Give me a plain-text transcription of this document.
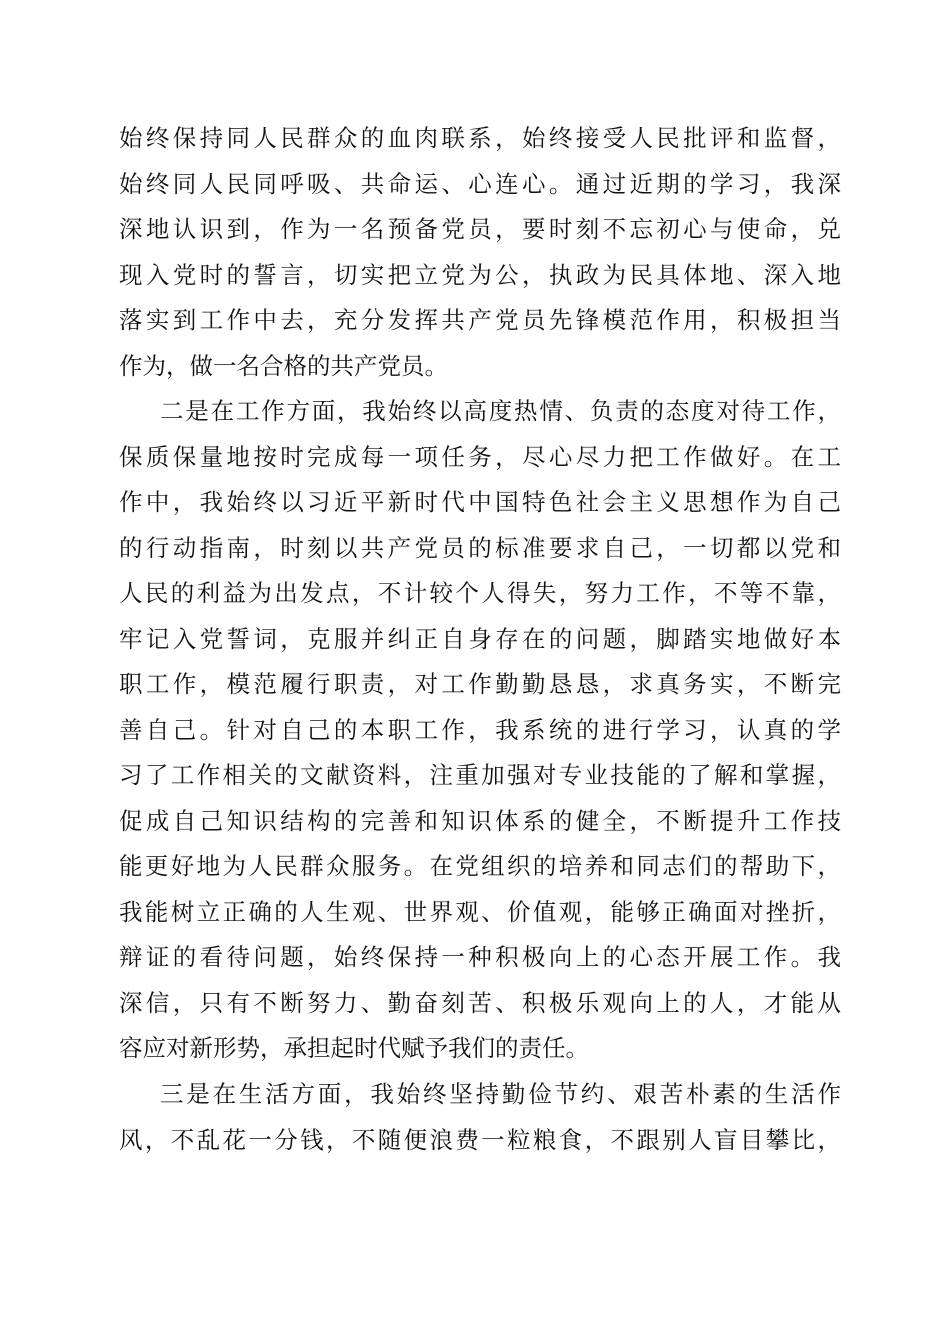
始终保持同人民群众的血肉联系，始终接受人民批评和监督，
始终同人民同呼吸、共命运、心连心。通过近期的学习，我深
深地认识到，作为一名预备党员，要时刻不忘初心与使命，兑
现入党时的誓言，切实把立党为公，执政为民具体地、深入地
落实到工作中去，充分发挥共产党员先锋模范作用，积极担当
作为，做一名合格的共产党员。
二是在工作方面，我始终以高度热情、负责的态度对待工作，
保质保量地按时完成每一项任务，尽心尽力把工作做好。在工
作中，我始终以习近平新时代中国特色社会主义思想作为自己
的行动指南，时刻以共产党员的标准要求自己，一切都以党和
人民的利益为出发点，不计较个人得失，努力工作，不等不靠，
牢记入党誓词，克服并纠正自身存在的问题，脚踏实地做好本
职工作，模范履行职责，对工作勤勤恳恳，求真务实，不断完
善自己。针对自己的本职工作，我系统的进行学习，认真的学
习了工作相关的文献资料，注重加强对专业技能的了解和掌握，
促成自己知识结构的完善和知识体系的健全，不断提升工作技
能更好地为人民群众服务。在党组织的培养和同志们的帮助下，
我能树立正确的人生观、世界观、价值观，能够正确面对挫折，
辩证的看待问题，始终保持一种积极向上的心态开展工作。我
深信，只有不断努力、勤奋刻苦、积极乐观向上的人，才能从
容应对新形势，承担起时代赋予我们的责任。
三是在生活方面，我始终坚持勤俭节约、艰苦朴素的生活作
风，不乱花一分钱，不随便浪费一粒粮食，不跟别人盲目攀比，
